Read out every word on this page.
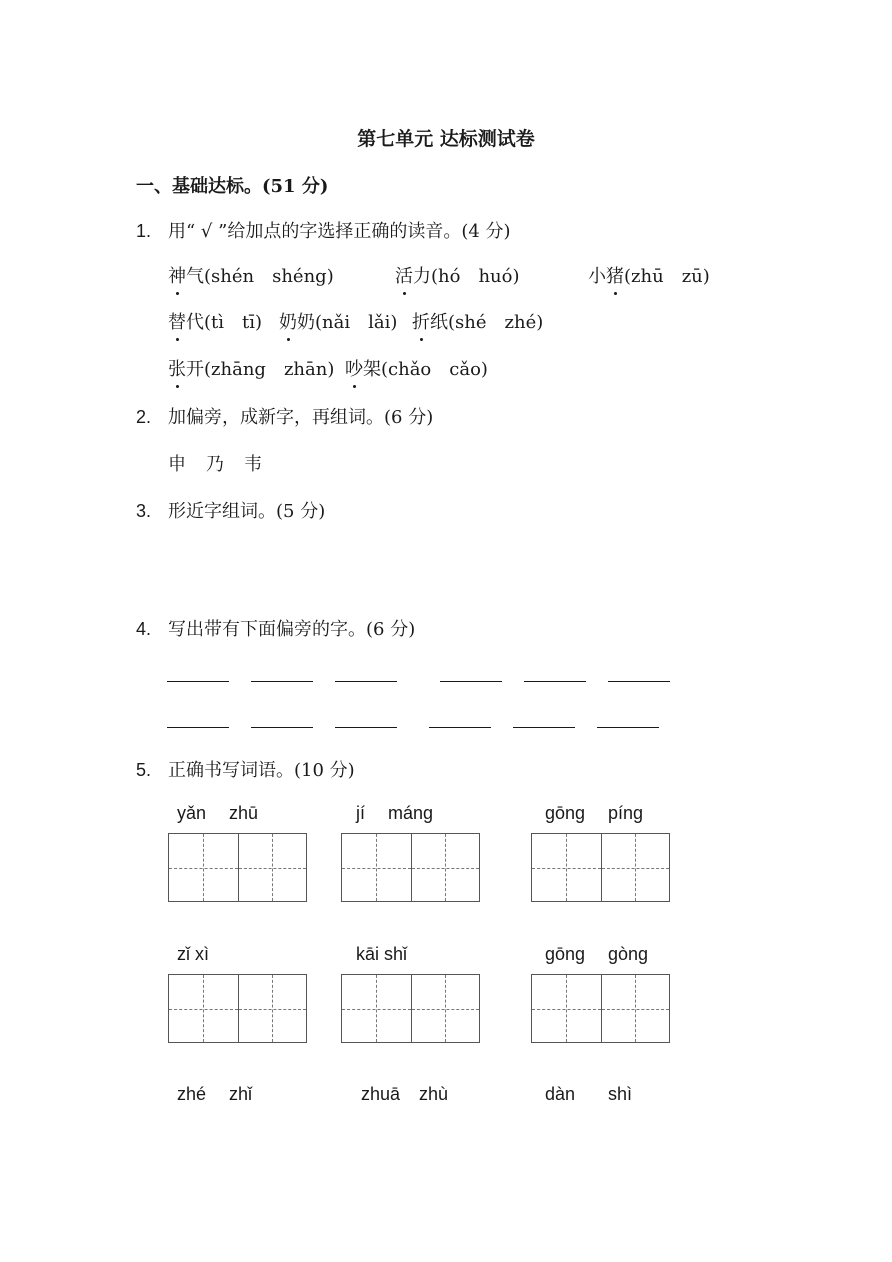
第七单元 达标测试卷
一、基础达标。(51 分)
1. 用“ √ ”给加点的字选择正确的读音。(4 分)
神气(shén　shéng)	活力(hó　huó)	小猪(zhū　zū)
替代(tì　tī) 奶奶(nǎi　lǎi) 折纸(shé　zhé)
张开(zhāng　zhān) 吵架(chǎo　cǎo)
2. 加偏旁，成新字，再组词。(6 分)
申 乃 韦
3. 形近字组词。(5 分)
4. 写出带有下面偏旁的字。(6 分)
5. 正确书写词语。(10 分)
yǎn zhū	jí máng	gōng píng
zǐ xì	kāi shǐ	gōng gòng
zhé zhǐ	zhuā zhù	dàn shì
